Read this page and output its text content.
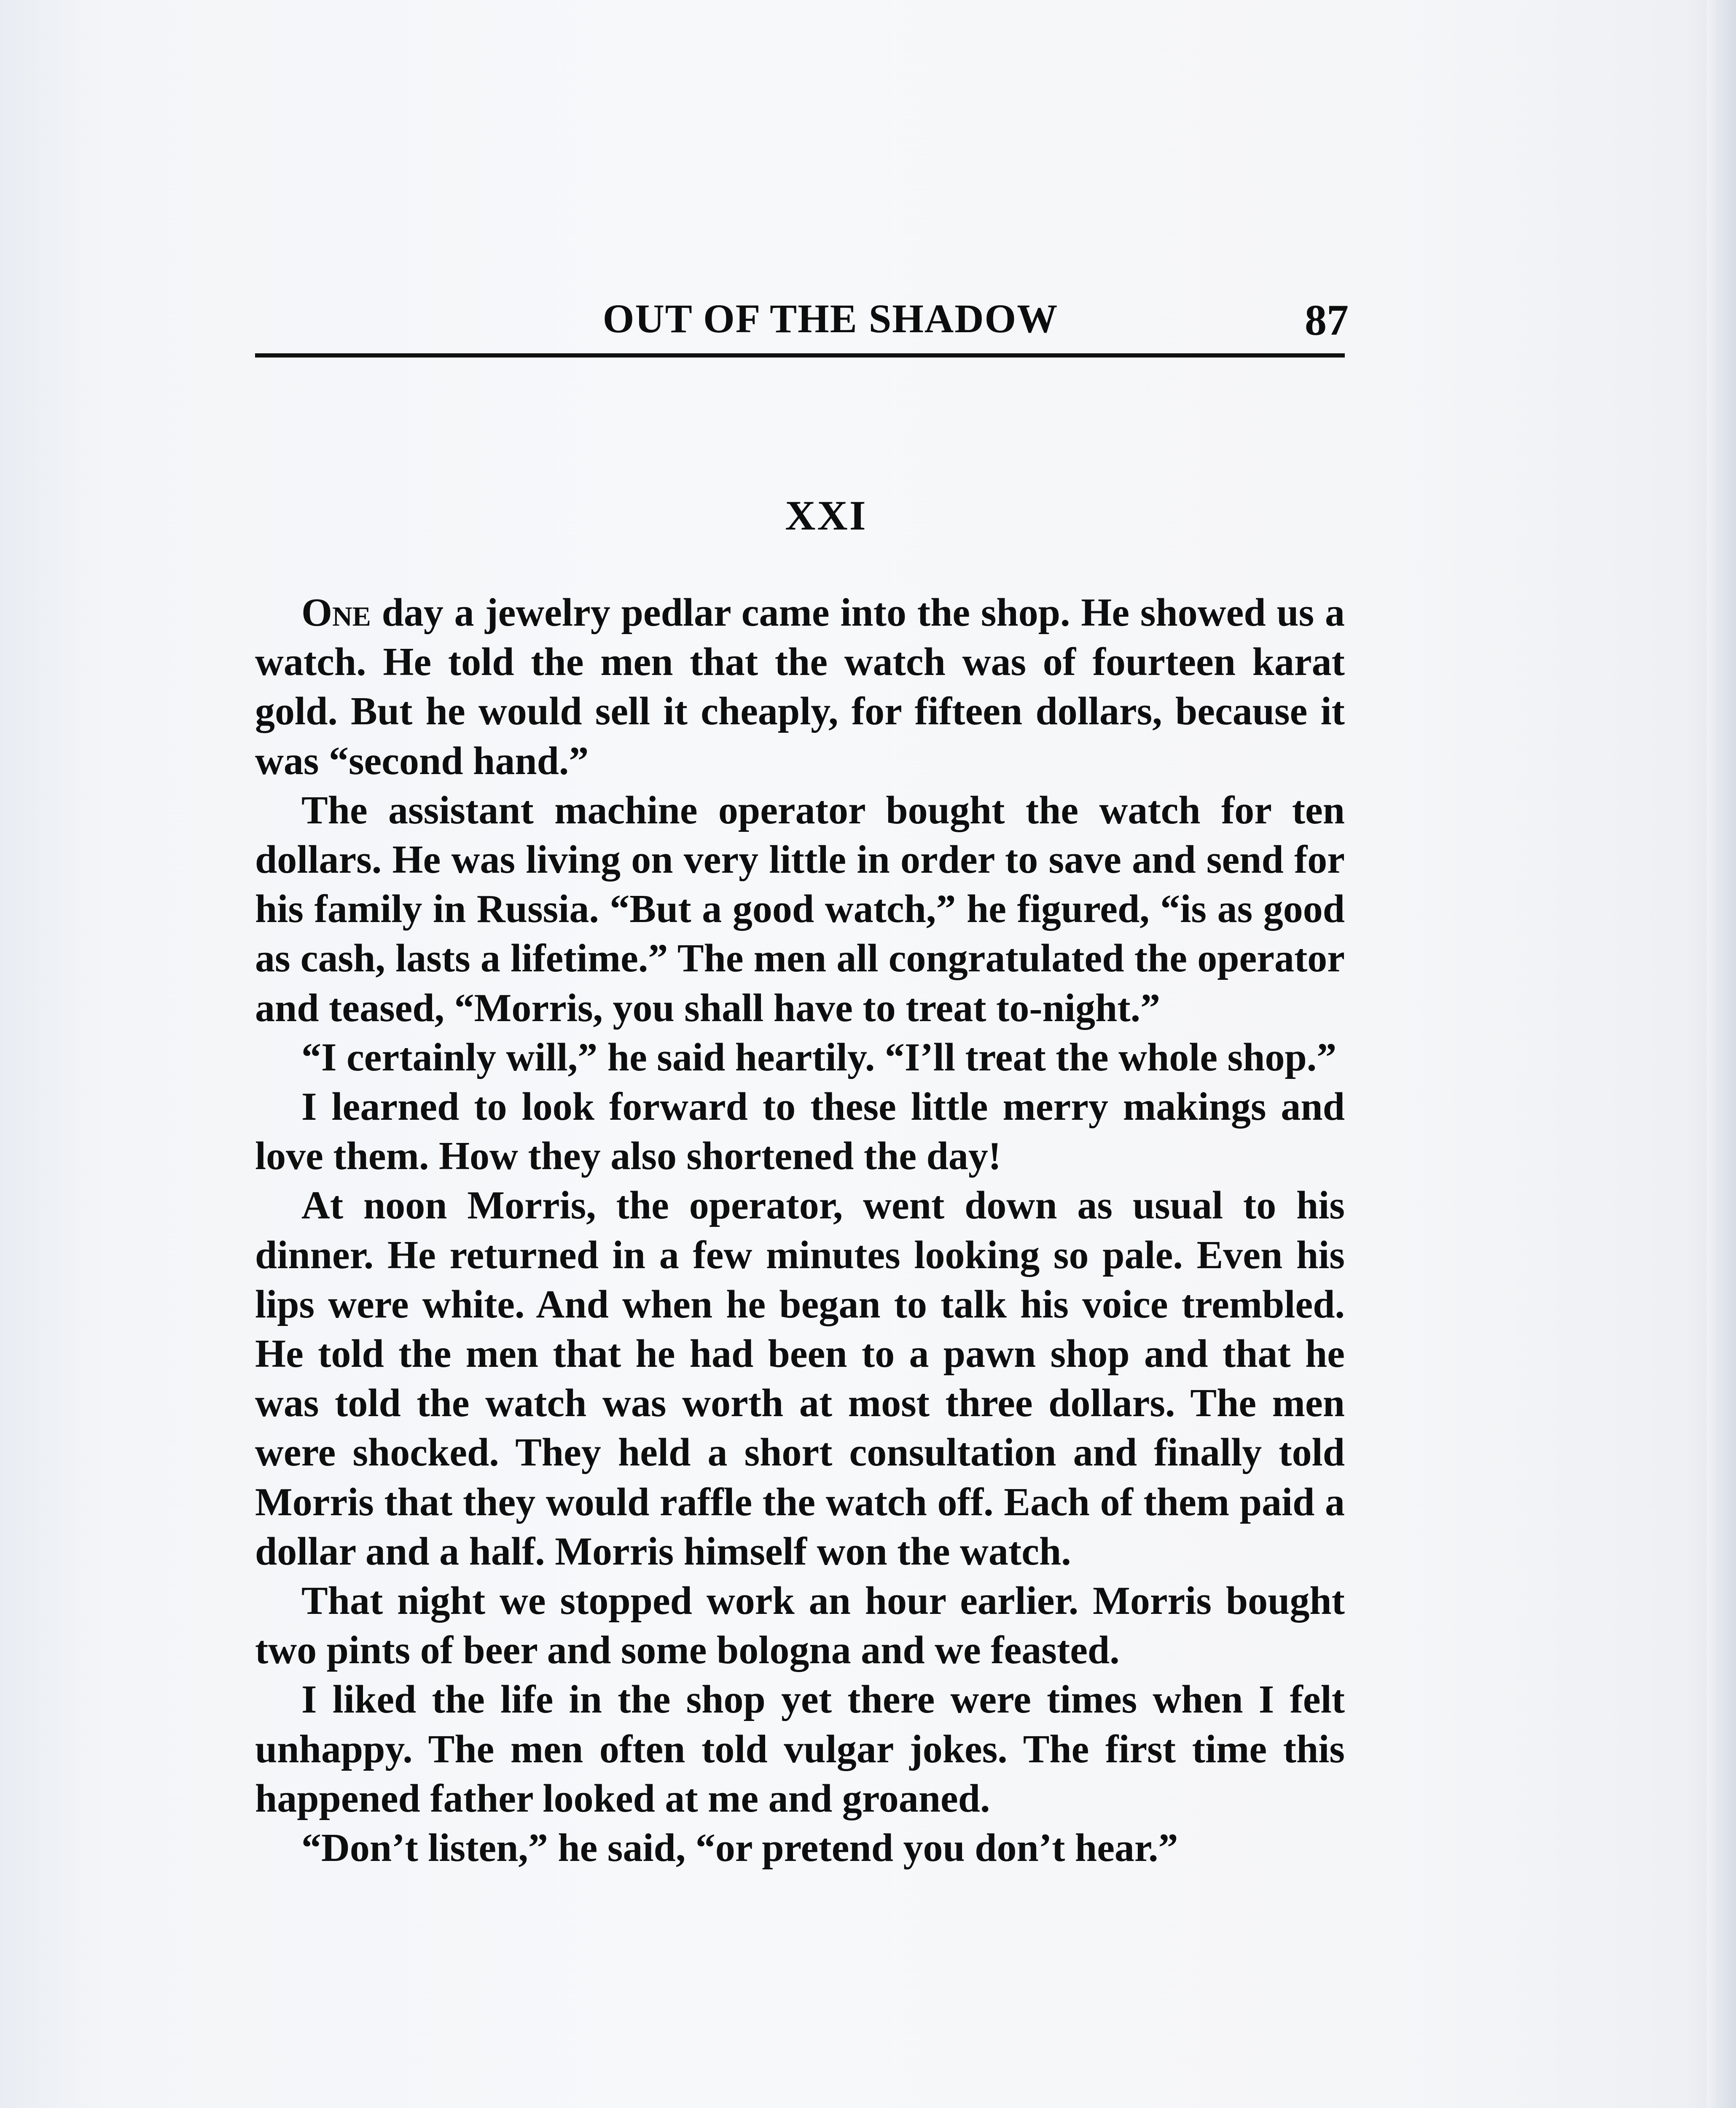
OUT OF THE SHADOW	87
XXI

One day a jewelry pedlar came into the shop. He showed us a watch. He told the men that the watch was of fourteen karat gold. But he would sell it cheaply, for fifteen dollars, because it was “second hand.”

The assistant machine operator bought the watch for ten dollars. He was living on very little in order to save and send for his family in Russia. “But a good watch,” he figured, “is as good as cash, lasts a lifetime.” The men all congratulated the operator and teased, “Morris, you shall have to treat to-night.”

“I certainly will,” he said heartily. “I’ll treat the whole shop.”

I learned to look forward to these little merry makings and love them. How they also shortened the day!

At noon Morris, the operator, went down as usual to his dinner. He returned in a few minutes looking so pale. Even his lips were white. And when he began to talk his voice trembled. He told the men that he had been to a pawn shop and that he was told the watch was worth at most three dollars. The men were shocked. They held a short consultation and finally told Morris that they would raffle the watch off. Each of them paid a dollar and a half. Morris himself won the watch.

That night we stopped work an hour earlier. Morris bought two pints of beer and some bologna and we feasted.

I liked the life in the shop yet there were times when I felt unhappy. The men often told vulgar jokes. The first time this happened father looked at me and groaned.

“Don’t listen,” he said, “or pretend you don’t hear.”
